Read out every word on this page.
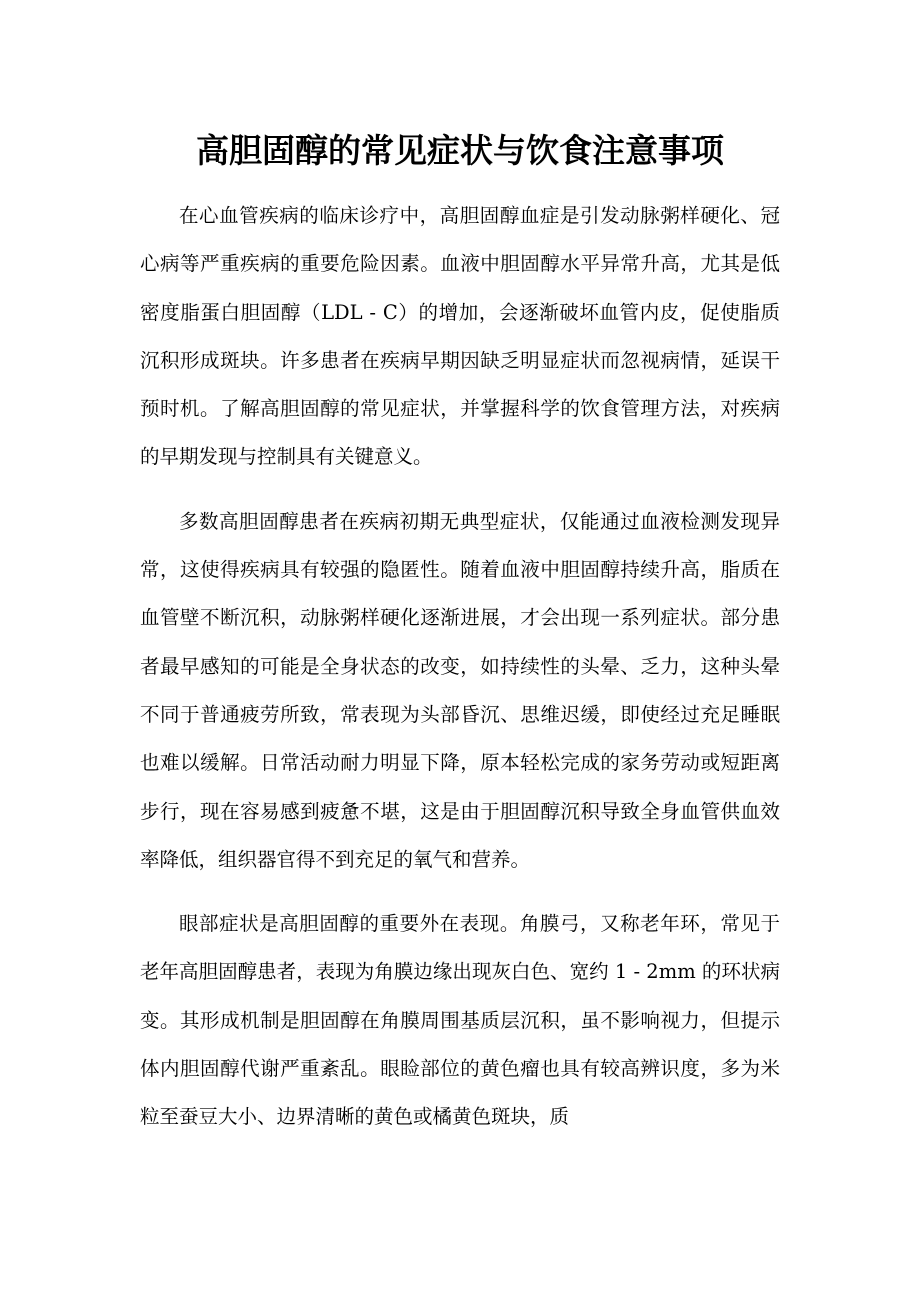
高胆固醇的常见症状与饮食注意事项

在心血管疾病的临床诊疗中，高胆固醇血症是引发动脉粥样硬化、冠心病等严重疾病的重要危险因素。血液中胆固醇水平异常升高，尤其是低密度脂蛋白胆固醇（LDL - C）的增加，会逐渐破坏血管内皮，促使脂质沉积形成斑块。许多患者在疾病早期因缺乏明显症状而忽视病情，延误干预时机。了解高胆固醇的常见症状，并掌握科学的饮食管理方法，对疾病的早期发现与控制具有关键意义。

多数高胆固醇患者在疾病初期无典型症状，仅能通过血液检测发现异常，这使得疾病具有较强的隐匿性。随着血液中胆固醇持续升高，脂质在血管壁不断沉积，动脉粥样硬化逐渐进展，才会出现一系列症状。部分患者最早感知的可能是全身状态的改变，如持续性的头晕、乏力，这种头晕不同于普通疲劳所致，常表现为头部昏沉、思维迟缓，即使经过充足睡眠也难以缓解。日常活动耐力明显下降，原本轻松完成的家务劳动或短距离步行，现在容易感到疲惫不堪，这是由于胆固醇沉积导致全身血管供血效率降低，组织器官得不到充足的氧气和营养。

眼部症状是高胆固醇的重要外在表现。角膜弓，又称老年环，常见于老年高胆固醇患者，表现为角膜边缘出现灰白色、宽约 1 - 2mm 的环状病变。其形成机制是胆固醇在角膜周围基质层沉积，虽不影响视力，但提示体内胆固醇代谢严重紊乱。眼睑部位的黄色瘤也具有较高辨识度，多为米粒至蚕豆大小、边界清晰的黄色或橘黄色斑块，质
